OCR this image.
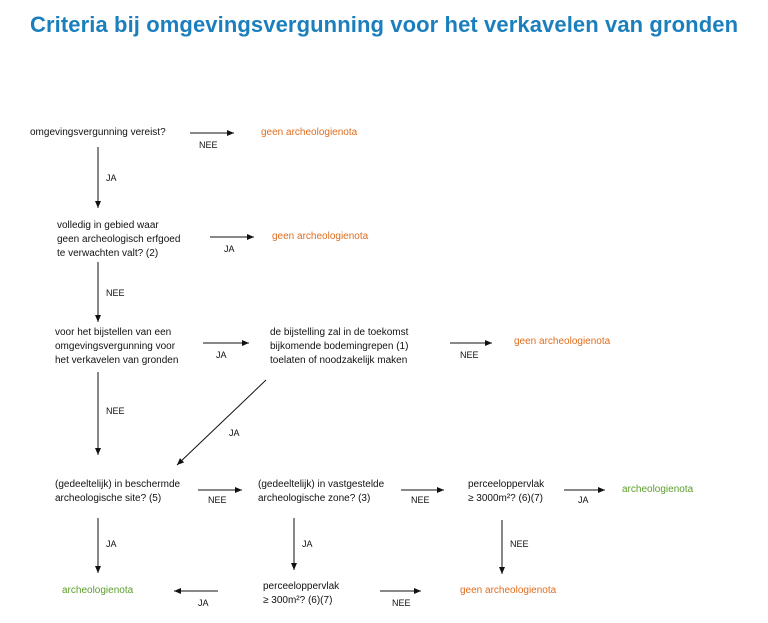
Criteria bij omgevingsvergunning voor het verkavelen van gronden
omgevingsvergunning vereist?	geen archeologienota
volledig in gebied waar
geen archeologisch erfgoed
te verwachten valt? (2)
geen archeologienota
voor het bijstellen van een
omgevingsvergunning voor
het verkavelen van gronden
de bijstelling zal in de toekomst
bijkomende bodemingrepen (1)
toelaten of noodzakelijk maken
geen archeologienota
(gedeeltelijk) in beschermde
archeologische site? (5)
(gedeeltelijk) in vastgestelde
archeologische zone? (3)
perceeloppervlak
≥ 3000m²? (6)(7)
archeologienota
archeologienota	perceeloppervlak
≥ 300m²? (6)(7)
geen archeologienota
NEE
JA
JA
NEE
JA	NEE
JA
NEE
NEE	NEE	JA
JA	JA	NEE
JA	NEE
